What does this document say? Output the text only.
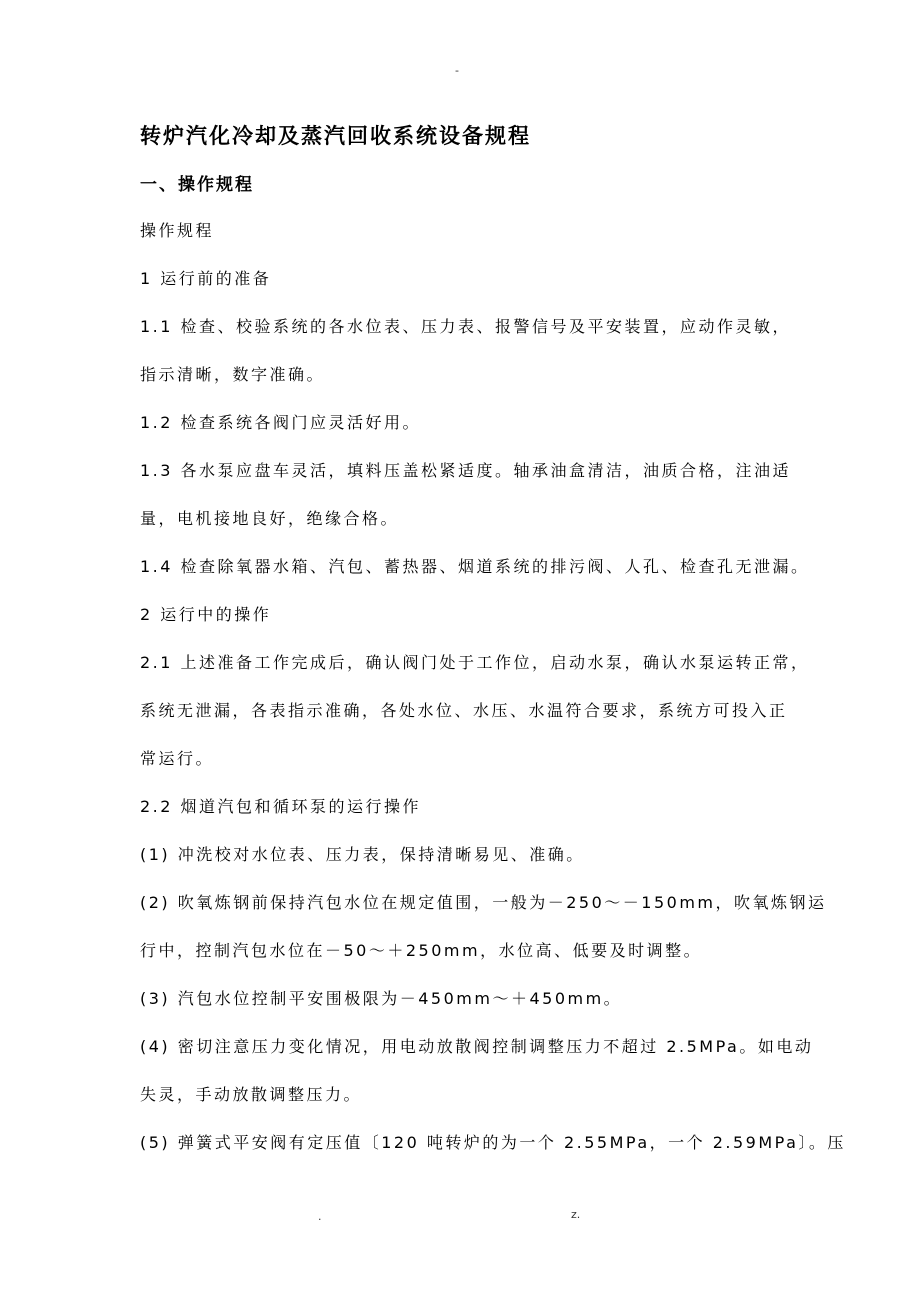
-
转炉汽化冷却及蒸汽回收系统设备规程
一、操作规程

操作规程

1 运行前的准备

1.1 检查、校验系统的各水位表、压力表、报警信号及平安装置，应动作灵敏，

指示清晰，数字准确。

1.2 检查系统各阀门应灵活好用。

1.3 各水泵应盘车灵活，填料压盖松紧适度。轴承油盒清洁，油质合格，注油适

量，电机接地良好，绝缘合格。

1.4 检查除氧器水箱、汽包、蓄热器、烟道系统的排污阀、人孔、检查孔无泄漏。

2 运行中的操作

2.1 上述准备工作完成后，确认阀门处于工作位，启动水泵，确认水泵运转正常，

系统无泄漏，各表指示准确，各处水位、水压、水温符合要求，系统方可投入正

常运行。

2.2 烟道汽包和循环泵的运行操作

(1) 冲洗校对水位表、压力表，保持清晰易见、准确。

(2) 吹氧炼钢前保持汽包水位在规定值围，一般为－250～－150mm，吹氧炼钢运

行中，控制汽包水位在－50～＋250mm，水位高、低要及时调整。

(3) 汽包水位控制平安围极限为－450mm～＋450mm。

(4) 密切注意压力变化情况，用电动放散阀控制调整压力不超过 2.5MPa。如电动

失灵，手动放散调整压力。

(5) 弹簧式平安阀有定压值〔120 吨转炉的为一个 2.55MPa，一个 2.59MPa〕。压

.	z.
